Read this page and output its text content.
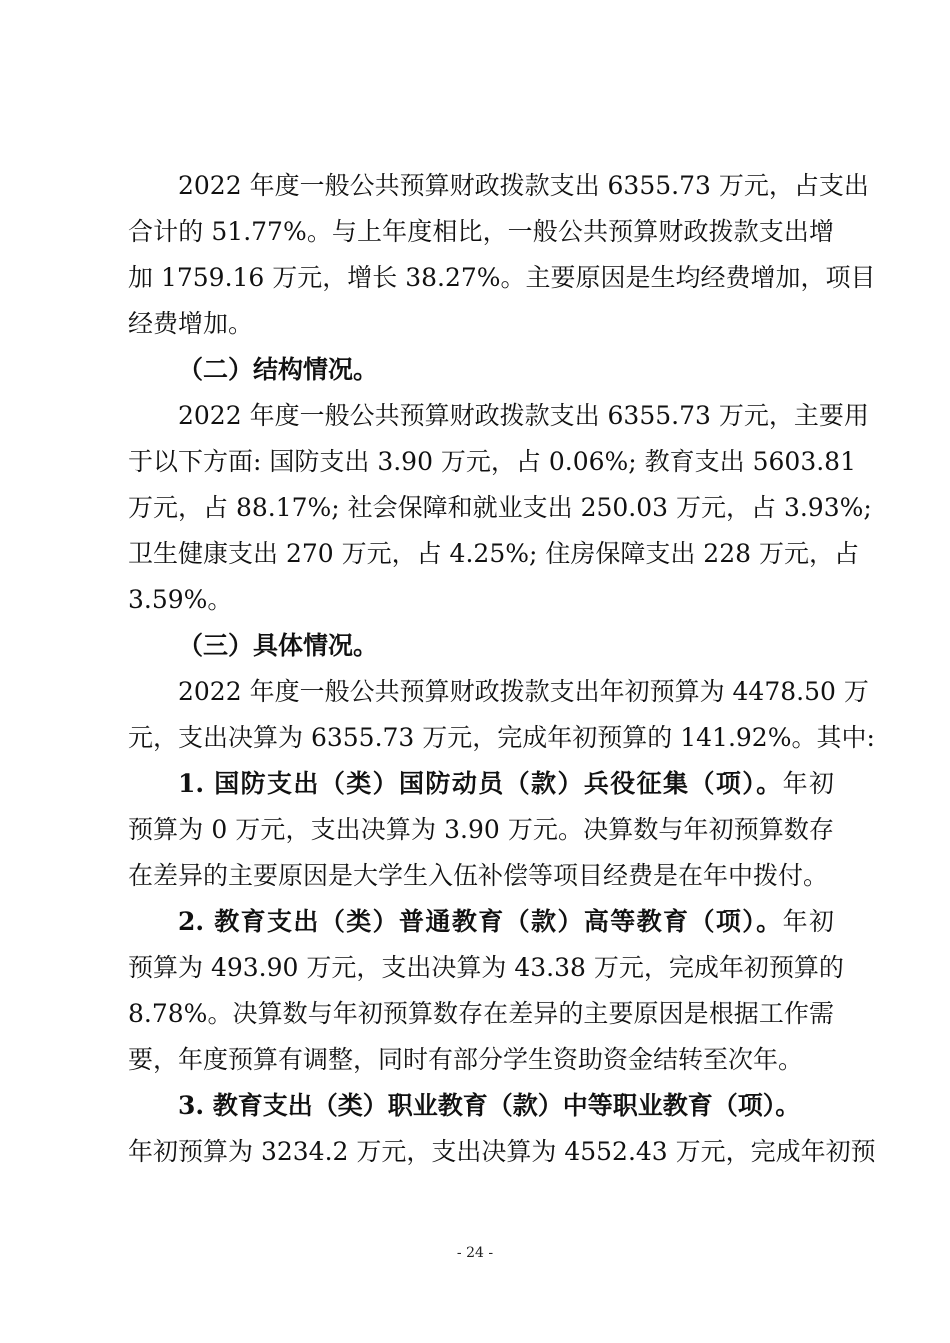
2022 年度一般公共预算财政拨款支出 6355.73 万元，占支出
合计的 51.77%。与上年度相比，一般公共预算财政拨款支出增
加 1759.16 万元，增长 38.27%。主要原因是生均经费增加，项目
经费增加。
（二）结构情况。
2022 年度一般公共预算财政拨款支出 6355.73 万元，主要用
于以下方面: 国防支出 3.90 万元，占 0.06%; 教育支出 5603.81
万元，占 88.17%; 社会保障和就业支出 250.03 万元，占 3.93%;
卫生健康支出 270 万元，占 4.25%; 住房保障支出 228 万元，占
3.59%。
（三）具体情况。
2022 年度一般公共预算财政拨款支出年初预算为 4478.50 万
元，支出决算为 6355.73 万元，完成年初预算的 141.92%。其中:
1. 国防支出（类）国防动员（款）兵役征集（项）。年初
预算为 0 万元，支出决算为 3.90 万元。决算数与年初预算数存
在差异的主要原因是大学生入伍补偿等项目经费是在年中拨付。
2. 教育支出（类）普通教育（款）高等教育（项）。年初
预算为 493.90 万元，支出决算为 43.38 万元，完成年初预算的
8.78%。决算数与年初预算数存在差异的主要原因是根据工作需
要，年度预算有调整，同时有部分学生资助资金结转至次年。
3. 教育支出（类）职业教育（款）中等职业教育（项）。
年初预算为 3234.2 万元，支出决算为 4552.43 万元，完成年初预
- 24 -
